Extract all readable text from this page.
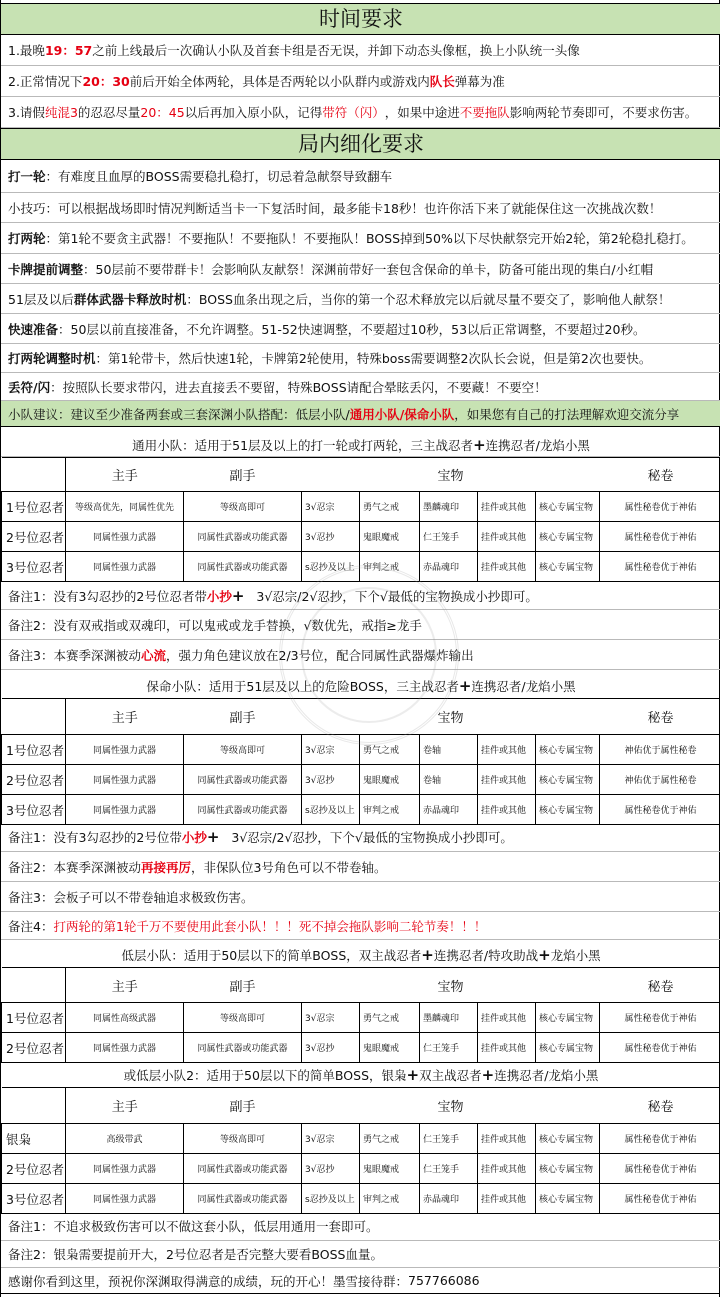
时间要求
1.最晚 19：57 之前上线最后一次确认小队及首套卡组是否无误，并卸下动态头像框，换上小队统一头像
2.正常情况下 20：30 前后开始全体两轮，具体是否两轮以小队群内或游戏内 队长 弹幕为准
3.请假 纯混3 的忍忍尽量 20：45 以后再加入原小队，记得 带符（闪） ，如果中途进 不要拖队 影响两轮节奏即可，不要求伤害。
局内细化要求
打一轮 ：有难度且血厚的BOSS需要稳扎稳打，切忌着急献祭导致翻车
小技巧：可以根据战场即时情况判断适当卡一下复活时间，最多能卡18秒！也许你活下来了就能保住这一次挑战次数！
打两轮 ：第1轮不要贪主武器！不要拖队！不要拖队！不要拖队！BOSS掉到50%以下尽快献祭完开始2轮，第2轮稳扎稳打。
卡牌提前调整 ：50层前不要带群卡！会影响队友献祭！深渊前带好一套包含保命的单卡，防备可能出现的集白/小红帽
51层及以后 群体武器卡释放时机 ：BOSS血条出现之后，当你的第一个忍术释放完以后就尽量不要交了，影响他人献祭！
快速准备 ：50层以前直接准备，不允许调整。51-52快速调整，不要超过10秒，53以后正常调整，不要超过20秒。
打两轮调整时机 ：第1轮带卡，然后快速1轮，卡牌第2轮使用，特殊boss需要调整2次队长会说，但是第2次也要快。
丢符/闪 ：按照队长要求带闪，进去直接丢不要留，特殊BOSS请配合晕眩丢闪，不要藏！不要空！
小队建议：建议至少准备两套或三套深渊小队搭配：低层小队/ 通用小队/保命小队 ，如果您有自己的打法理解欢迎交流分享
通用小队：适用于51层及以上的打一轮或打两轮，三主战忍者 + 连携忍者/龙焰小黑
	主手	副手	宝物					秘卷
1号位忍者	等级高优先，同属性优先	等级高即可	3√忍宗	勇气之戒	墨麟魂印	挂件或其他	核心专属宝物	属性秘卷优于神佑
2号位忍者	同属性强力武器	同属性武器或功能武器	3√忍抄	鬼眼魔戒	仁王笼手	挂件或其他	核心专属宝物	属性秘卷优于神佑
3号位忍者	同属性强力武器	同属性武器或功能武器	s忍抄及以上	审判之戒	赤晶魂印	挂件或其他	核心专属宝物	属性秘卷优于神佑
备注1：没有3勾忍抄的2号位忍者带 小抄 + 3√忍宗/2√忍抄，下个√最低的宝物换成小抄即可。
备注2：没有双戒指或双魂印，可以鬼戒或龙手替换，√数优先，戒指≥龙手
备注3：本赛季深渊被动 心流 ，强力角色建议放在2/3号位，配合同属性武器爆炸输出
保命小队：适用于51层及以上的危险BOSS，三主战忍者 + 连携忍者/龙焰小黑
	主手	副手	宝物					秘卷
1号位忍者	同属性强力武器	等级高即可	3√忍宗	勇气之戒	卷轴	挂件或其他	核心专属宝物	神佑优于属性秘卷
2号位忍者	同属性强力武器	同属性武器或功能武器	3√忍抄	鬼眼魔戒	卷轴	挂件或其他	核心专属宝物	神佑优于属性秘卷
3号位忍者	同属性强力武器	同属性武器或功能武器	s忍抄及以上	审判之戒	赤晶魂印	挂件或其他	核心专属宝物	属性秘卷优于神佑
备注1：没有3勾忍抄的2号位带 小抄 + 3√忍宗/2√忍抄，下个√最低的宝物换成小抄即可。
备注2：本赛季深渊被动 再接再厉 ，非保队位3号角色可以不带卷轴。
备注3：会板子可以不带卷轴追求极致伤害。
备注4： 打两轮的第1轮千万不要使用此套小队！！！死不掉会拖队影响二轮节奏！！！
低层小队：适用于50层以下的简单BOSS，双主战忍者 + 连携忍者/特攻助战 + 龙焰小黑
	主手	副手	宝物					秘卷
1号位忍者	同属性高级武器	等级高即可	3√忍宗	勇气之戒	墨麟魂印	挂件或其他	核心专属宝物	属性秘卷优于神佑
2号位忍者	同属性强力武器	同属性武器或功能武器	3√忍抄	鬼眼魔戒	仁王笼手	挂件或其他	核心专属宝物	属性秘卷优于神佑
或低层小队2：适用于50层以下的简单BOSS，银枭 + 双主战忍者 + 连携忍者/龙焰小黑
	主手	副手	宝物					秘卷
银枭	高级带武	等级高即可	3√忍宗	勇气之戒	仁王笼手	挂件或其他	核心专属宝物	属性秘卷优于神佑
2号位忍者	同属性强力武器	同属性武器或功能武器	3√忍抄	鬼眼魔戒	仁王笼手	挂件或其他	核心专属宝物	属性秘卷优于神佑
3号位忍者	同属性强力武器	同属性武器或功能武器	s忍抄及以上	审判之戒	赤晶魂印	挂件或其他	核心专属宝物	属性秘卷优于神佑
备注1：不追求极致伤害可以不做这套小队，低层用通用一套即可。
备注2：银枭需要提前开大，2号位忍者是否完整大要看BOSS血量。
感谢你看到这里，预祝你深渊取得满意的成绩，玩的开心！墨雪接待群： 757766086
